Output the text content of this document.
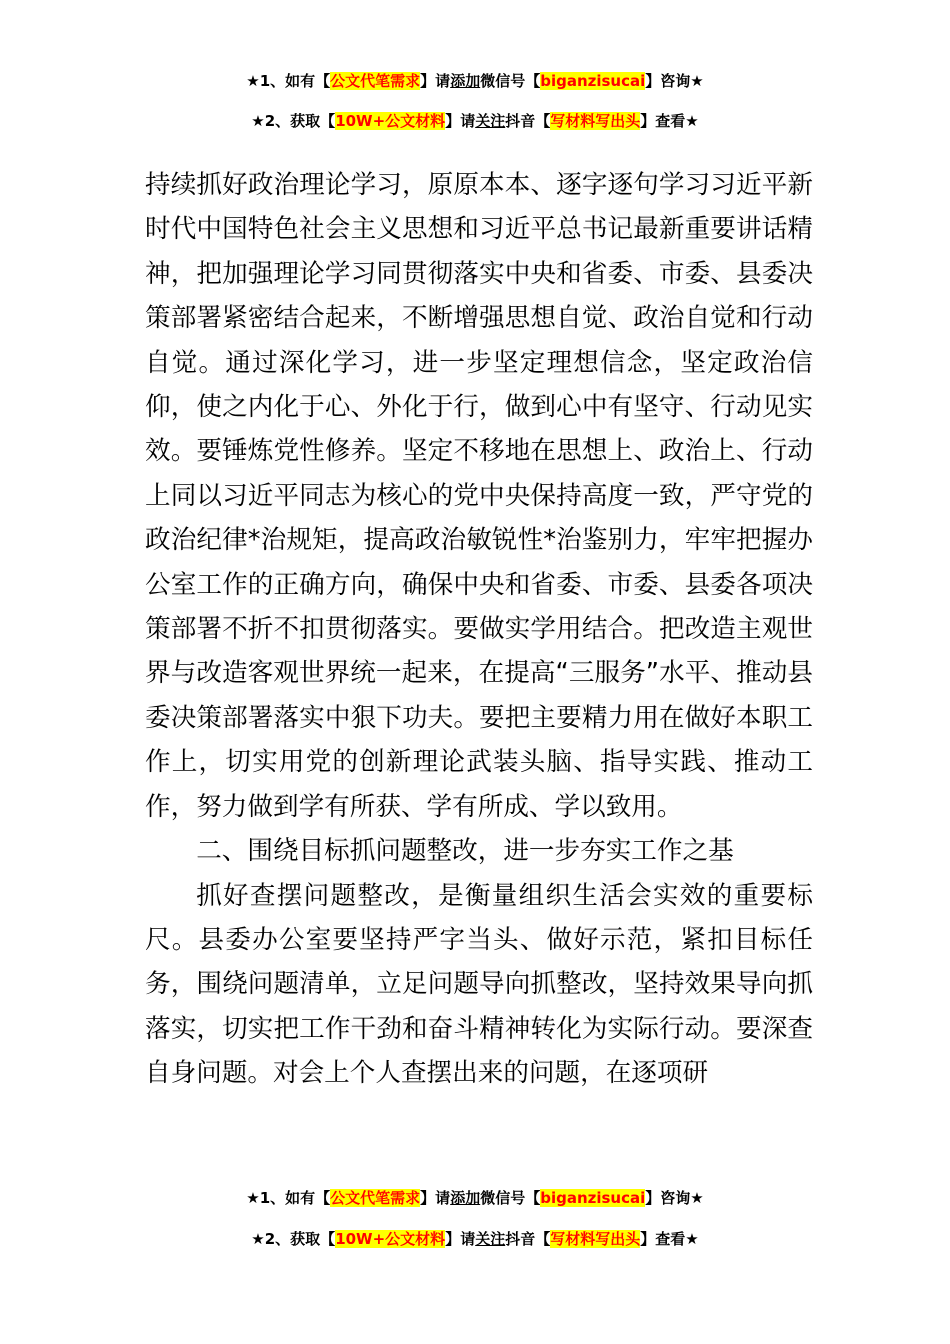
★1、如有【公文代笔需求】请添加微信号【biganzisucai】咨询★
★2、获取【10W+公文材料】请关注抖音【写材料写出头】查看★

持续抓好政治理论学习，原原本本、逐字逐句学习习近平新时代中国特色社会主义思想和习近平总书记最新重要讲话精神，把加强理论学习同贯彻落实中央和省委、市委、县委决策部署紧密结合起来，不断增强思想自觉、政治自觉和行动自觉。通过深化学习，进一步坚定理想信念，坚定政治信仰，使之内化于心、外化于行，做到心中有坚守、行动见实效。要锤炼党性修养。坚定不移地在思想上、政治上、行动上同以习近平同志为核心的党中央保持高度一致，严守党的政治纪律*治规矩，提高政治敏锐性*治鉴别力，牢牢把握办公室工作的正确方向，确保中央和省委、市委、县委各项决策部署不折不扣贯彻落实。要做实学用结合。把改造主观世界与改造客观世界统一起来，在提高“三服务”水平、推动县委决策部署落实中狠下功夫。要把主要精力用在做好本职工作上，切实用党的创新理论武装头脑、指导实践、推动工作，努力做到学有所获、学有所成、学以致用。

二、围绕目标抓问题整改，进一步夯实工作之基

抓好查摆问题整改，是衡量组织生活会实效的重要标尺。县委办公室要坚持严字当头、做好示范，紧扣目标任务，围绕问题清单，立足问题导向抓整改，坚持效果导向抓落实，切实把工作干劲和奋斗精神转化为实际行动。要深查自身问题。对会上个人查摆出来的问题，在逐项研

★1、如有【公文代笔需求】请添加微信号【biganzisucai】咨询★
★2、获取【10W+公文材料】请关注抖音【写材料写出头】查看★
